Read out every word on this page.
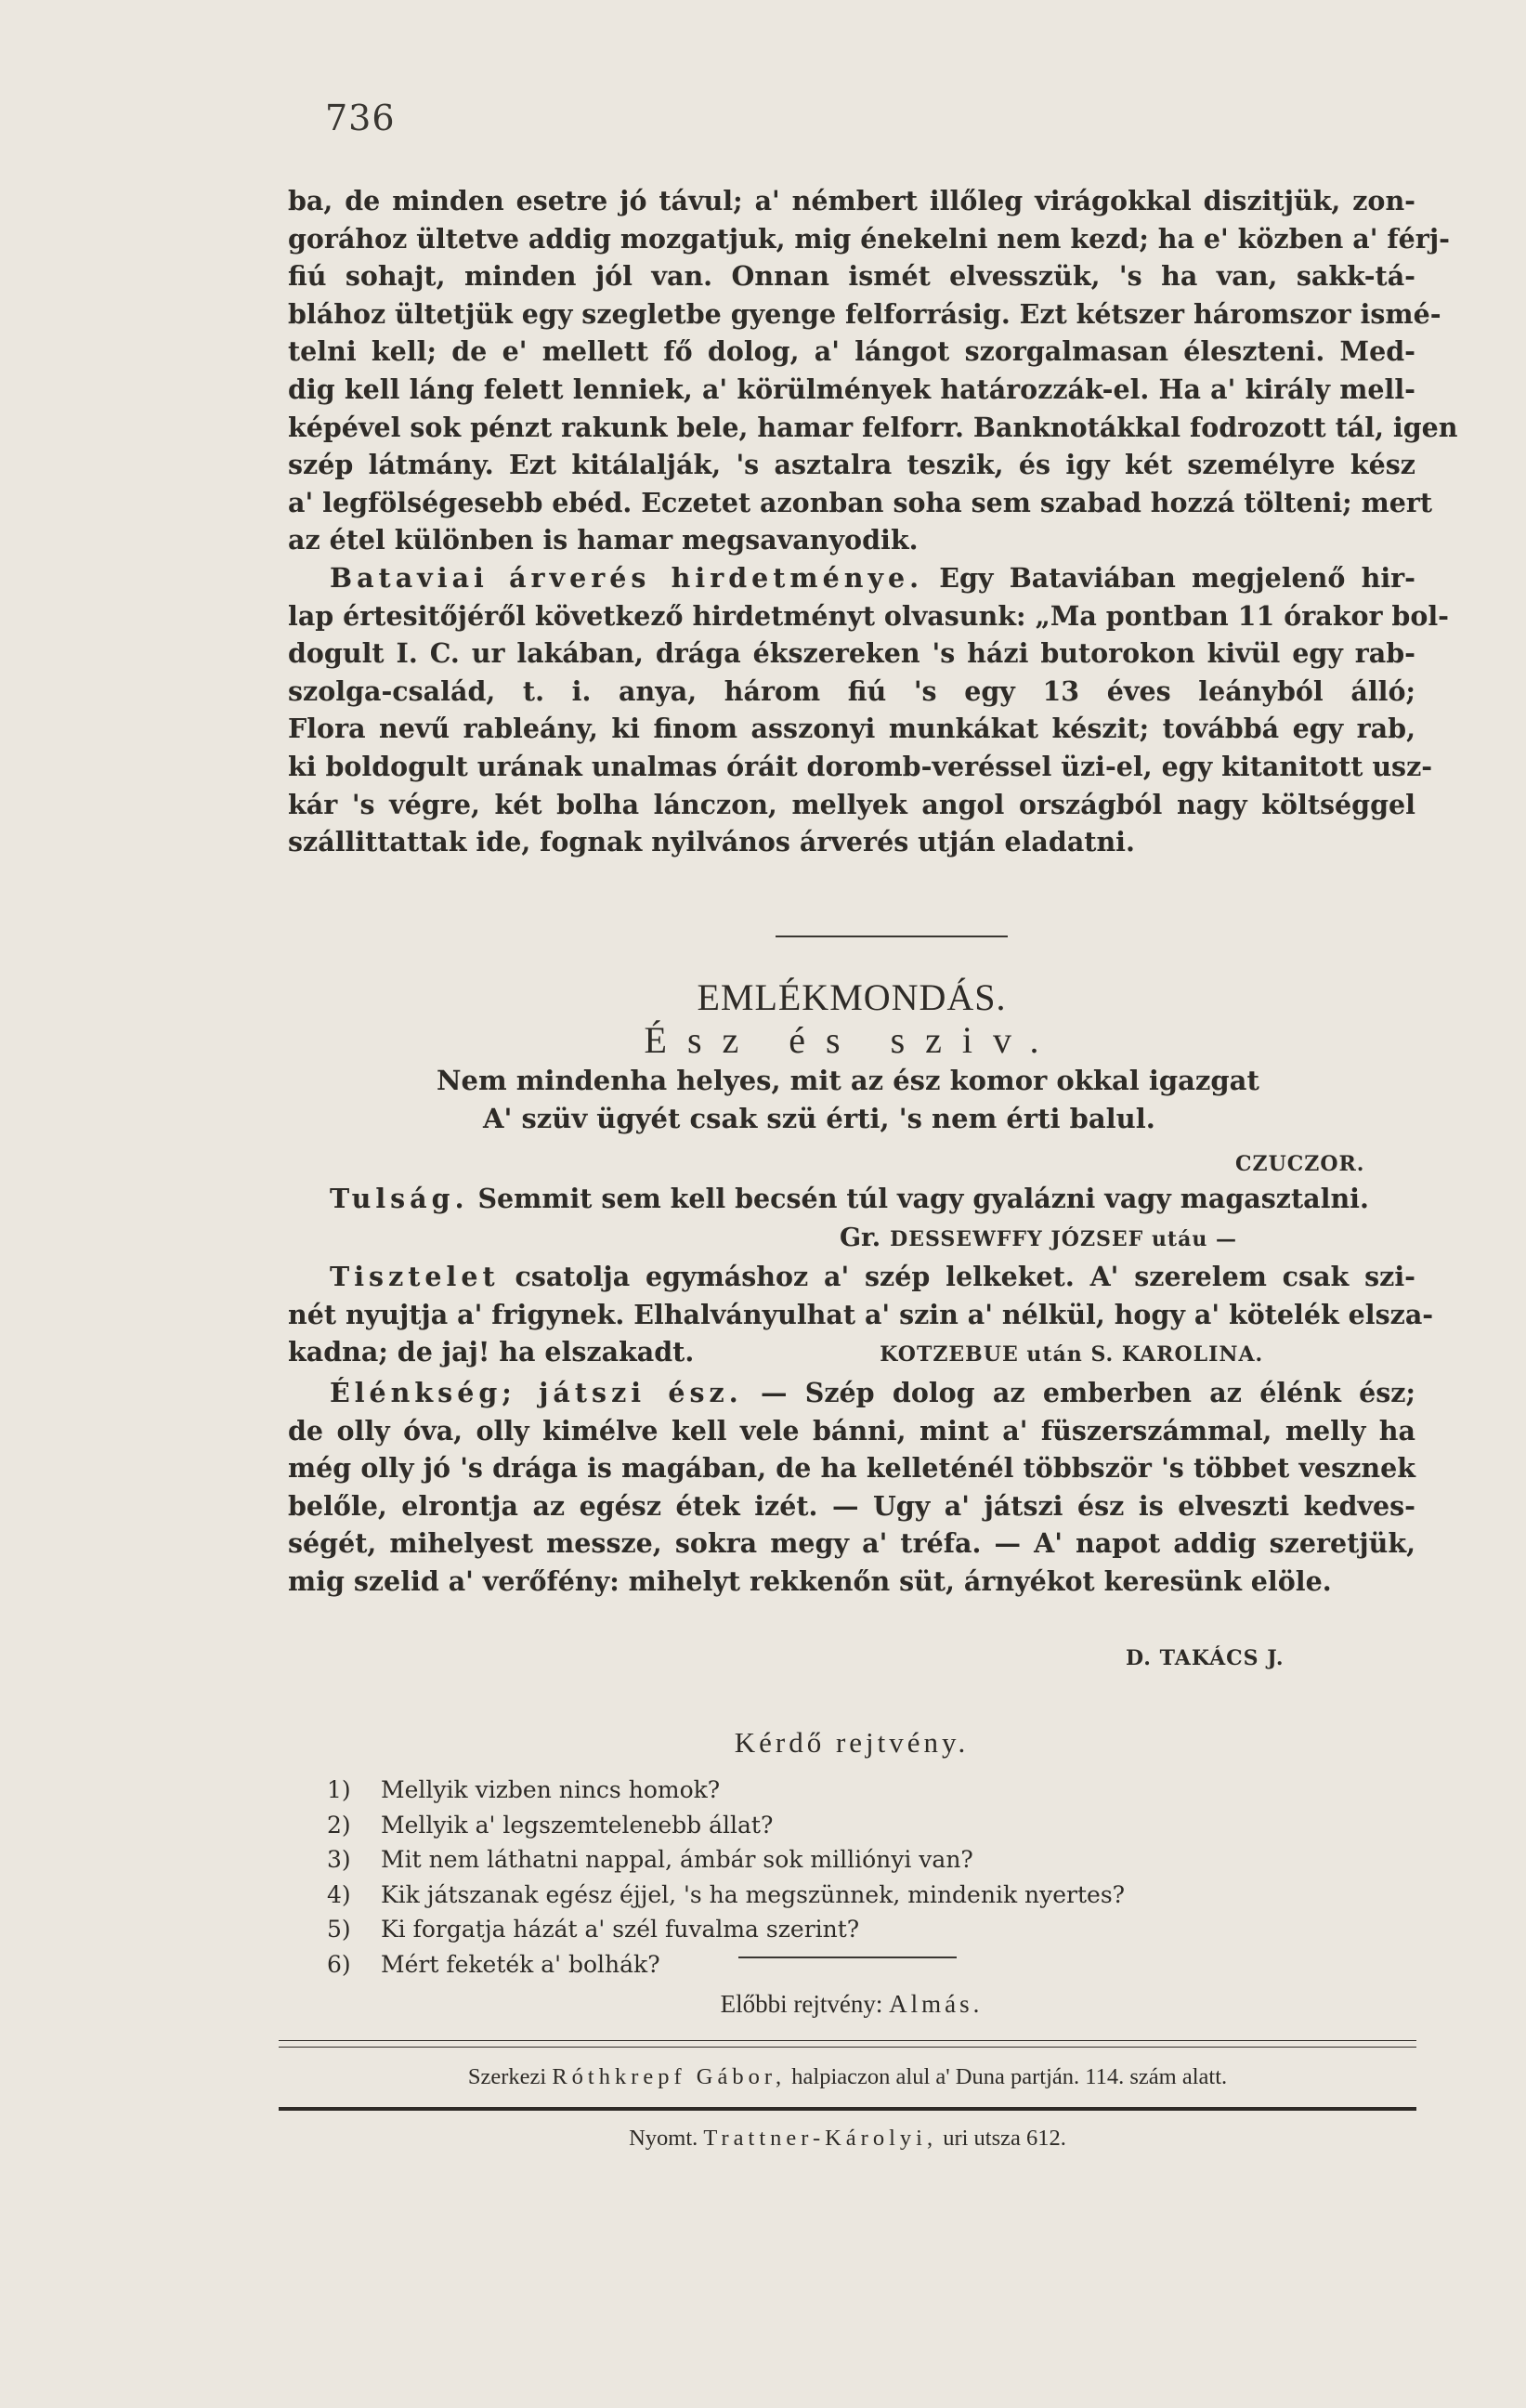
736
ba, de minden esetre jó távul; a' némbert illőleg virágokkal diszitjük, zon-
gorához ültetve addig mozgatjuk, mig énekelni nem kezd; ha e' közben a' férj-
fiú sohajt, minden jól van. Onnan ismét elvesszük, 's ha van, sakk-tá-
blához ültetjük egy szegletbe gyenge felforrásig. Ezt kétszer háromszor ismé-
telni kell; de e' mellett fő dolog, a' lángot szorgalmasan éleszteni. Med-
dig kell láng felett lenniek, a' körülmények határozzák-el. Ha a' király mell-
képével sok pénzt rakunk bele, hamar felforr. Banknotákkal fodrozott tál, igen
szép látmány. Ezt kitálalják, 's asztalra teszik, és igy két személyre kész
a' legfölségesebb ebéd. Eczetet azonban soha sem szabad hozzá tölteni; mert
az étel különben is hamar megsavanyodik.
Bataviai árverés hirdetménye. Egy Bataviában megjelenő hir-
lap értesitőjéről következő hirdetményt olvasunk: „Ma pontban 11 órakor bol-
dogult I. C. ur lakában, drága ékszereken 's házi butorokon kivül egy rab-
szolga-család, t. i. anya, három fiú 's egy 13 éves leányból álló;
Flora nevű rableány, ki finom asszonyi munkákat készit; továbbá egy rab,
ki boldogult urának unalmas óráit doromb-veréssel üzi-el, egy kitanitott usz-
kár 's végre, két bolha lánczon, mellyek angol országból nagy költséggel
szállittattak ide, fognak nyilvános árverés utján eladatni.
EMLÉKMONDÁS.
Ész és sziv.
Nem mindenha helyes, mit az ész komor okkal igazgat
A' szüv ügyét csak szü érti, 's nem érti balul.
CZUCZOR.
Tulság. Semmit sem kell becsén túl vagy gyalázni vagy magasztalni.
Gr. DESSEWFFY JÓZSEF utáu —
Tisztelet csatolja egymáshoz a' szép lelkeket. A' szerelem csak szi-
nét nyujtja a' frigynek. Elhalványulhat a' szin a' nélkül, hogy a' kötelék elsza-
kadna; de jaj! ha elszakadt.	KOTZEBUE után S. KAROLINA.
Élénkség; játszi ész. — Szép dolog az emberben az élénk ész;
de olly óva, olly kimélve kell vele bánni, mint a' füszerszámmal, melly ha
még olly jó 's drága is magában, de ha kelleténél többször 's többet vesznek
belőle, elrontja az egész étek izét. — Ugy a' játszi ész is elveszti kedves-
ségét, mihelyest messze, sokra megy a' tréfa. — A' napot addig szeretjük,
mig szelid a' verőfény: mihelyt rekkenőn süt, árnyékot keresünk elöle.
D. TAKÁCS J.
Kérdő rejtvény.
1) Mellyik vizben nincs homok?
2) Mellyik a' legszemtelenebb állat?
3) Mit nem láthatni nappal, ámbár sok milliónyi van?
4) Kik játszanak egész éjjel, 's ha megszünnek, mindenik nyertes?
5) Ki forgatja házát a' szél fuvalma szerint?
6) Mért feketék a' bolhák?
Előbbi rejtvény: Almás.
Szerkezi Róthkrepf Gábor, halpiaczon alul a' Duna partján. 114. szám alatt.
Nyomt. Trattner-Károlyi, uri utsza 612.
